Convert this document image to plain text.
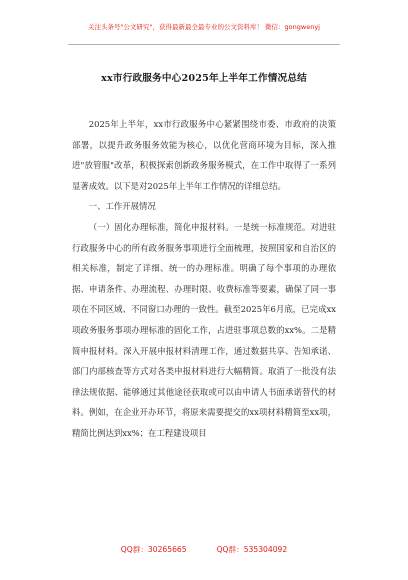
关注头条号"公文研究"，获得最新最全最专业的公文资料库！ 微信：gongwenyj
xx市行政服务中心2025年上半年工作情况总结

2025年上半年，xx市行政服务中心紧紧围绕市委、市政府的决策部署，以提升政务服务效能为核心，以优化营商环境为目标，深入推进"放管服"改革，积极探索创新政务服务模式，在工作中取得了一系列显著成效。以下是对2025年上半年工作情况的详细总结。

一、工作开展情况

（一）固化办理标准，简化申报材料。一是统一标准规范。对进驻行政服务中心的所有政务服务事项进行全面梳理，按照国家和自治区的相关标准，制定了详细、统一的办理标准。明确了每个事项的办理依据、申请条件、办理流程、办理时限、收费标准等要素，确保了同一事项在不同区域、不同窗口办理的一致性。截至2025年6月底，已完成xx项政务服务事项办理标准的固化工作，占进驻事项总数的xx%。二是精简申报材料。深入开展申报材料清理工作，通过数据共享、告知承诺、部门内部核查等方式对各类申报材料进行大幅精简。取消了一批没有法律法规依据、能够通过其他途径获取或可以由申请人书面承诺替代的材料。例如，在企业开办环节，将原来需要提交的xx项材料精简至xx项，精简比例达到xx%；在工程建设项目

QQ群：30265665	QQ群：535304092
